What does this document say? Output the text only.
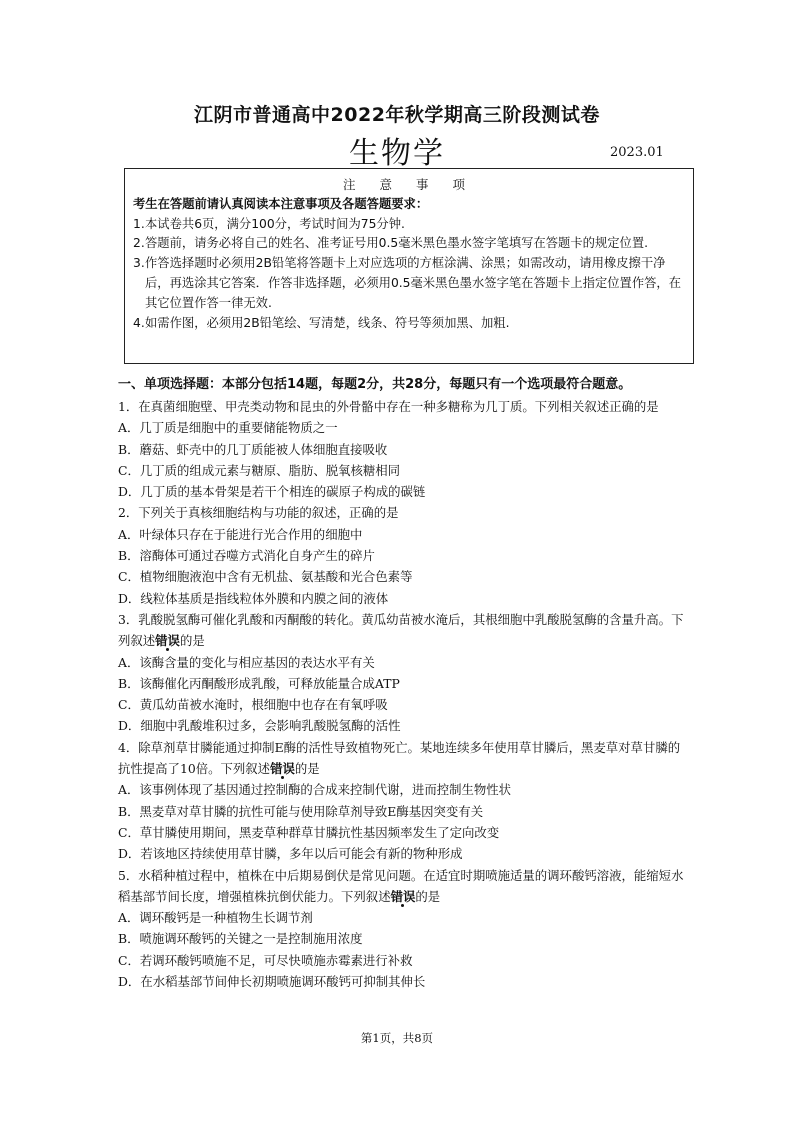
江阴市普通高中2022年秋学期高三阶段测试卷
生物学	2023.01
注 意 事 项
考生在答题前请认真阅读本注意事项及各题答题要求：
1. 本试卷共6页，满分100分，考试时间为75分钟.
2. 答题前，请务必将自己的姓名、准考证号用0.5毫米黑色墨水签字笔填写在答题卡的规定位置.
3. 作答选择题时必须用2B铅笔将答题卡上对应选项的方框涂满、涂黑；如需改动，请用橡皮擦干净后，再选涂其它答案．作答非选择题，必须用0.5毫米黑色墨水签字笔在答题卡上指定位置作答，在其它位置作答一律无效.
4. 如需作图，必须用2B铅笔绘、写清楚，线条、符号等须加黑、加粗.
一、单项选择题：本部分包括14题，每题2分，共28分，每题只有一个选项最符合题意。

1．在真菌细胞壁、甲壳类动物和昆虫的外骨骼中存在一种多糖称为几丁质。下列相关叙述正确的是

A．几丁质是细胞中的重要储能物质之一

B．蘑菇、虾壳中的几丁质能被人体细胞直接吸收

C．几丁质的组成元素与糖原、脂肪、脱氧核糖相同

D．几丁质的基本骨架是若干个相连的碳原子构成的碳链

2．下列关于真核细胞结构与功能的叙述，正确的是

A．叶绿体只存在于能进行光合作用的细胞中

B．溶酶体可通过吞噬方式消化自身产生的碎片

C．植物细胞液泡中含有无机盐、氨基酸和光合色素等

D．线粒体基质是指线粒体外膜和内膜之间的液体

3．乳酸脱氢酶可催化乳酸和丙酮酸的转化。黄瓜幼苗被水淹后，其根细胞中乳酸脱氢酶的含量升高。下列叙述错误的是

A．该酶含量的变化与相应基因的表达水平有关

B．该酶催化丙酮酸形成乳酸，可释放能量合成ATP

C．黄瓜幼苗被水淹时，根细胞中也存在有氧呼吸

D．细胞中乳酸堆积过多，会影响乳酸脱氢酶的活性

4．除草剂草甘膦能通过抑制E酶的活性导致植物死亡。某地连续多年使用草甘膦后，黑麦草对草甘膦的抗性提高了10倍。下列叙述错误的是

A．该事例体现了基因通过控制酶的合成来控制代谢，进而控制生物性状

B．黑麦草对草甘膦的抗性可能与使用除草剂导致E酶基因突变有关

C．草甘膦使用期间，黑麦草种群草甘膦抗性基因频率发生了定向改变

D．若该地区持续使用草甘膦，多年以后可能会有新的物种形成

5．水稻种植过程中，植株在中后期易倒伏是常见问题。在适宜时期喷施适量的调环酸钙溶液，能缩短水稻基部节间长度，增强植株抗倒伏能力。下列叙述错误的是

A．调环酸钙是一种植物生长调节剂

B．喷施调环酸钙的关键之一是控制施用浓度

C．若调环酸钙喷施不足，可尽快喷施赤霉素进行补救

D．在水稻基部节间伸长初期喷施调环酸钙可抑制其伸长

第1页，共8页
